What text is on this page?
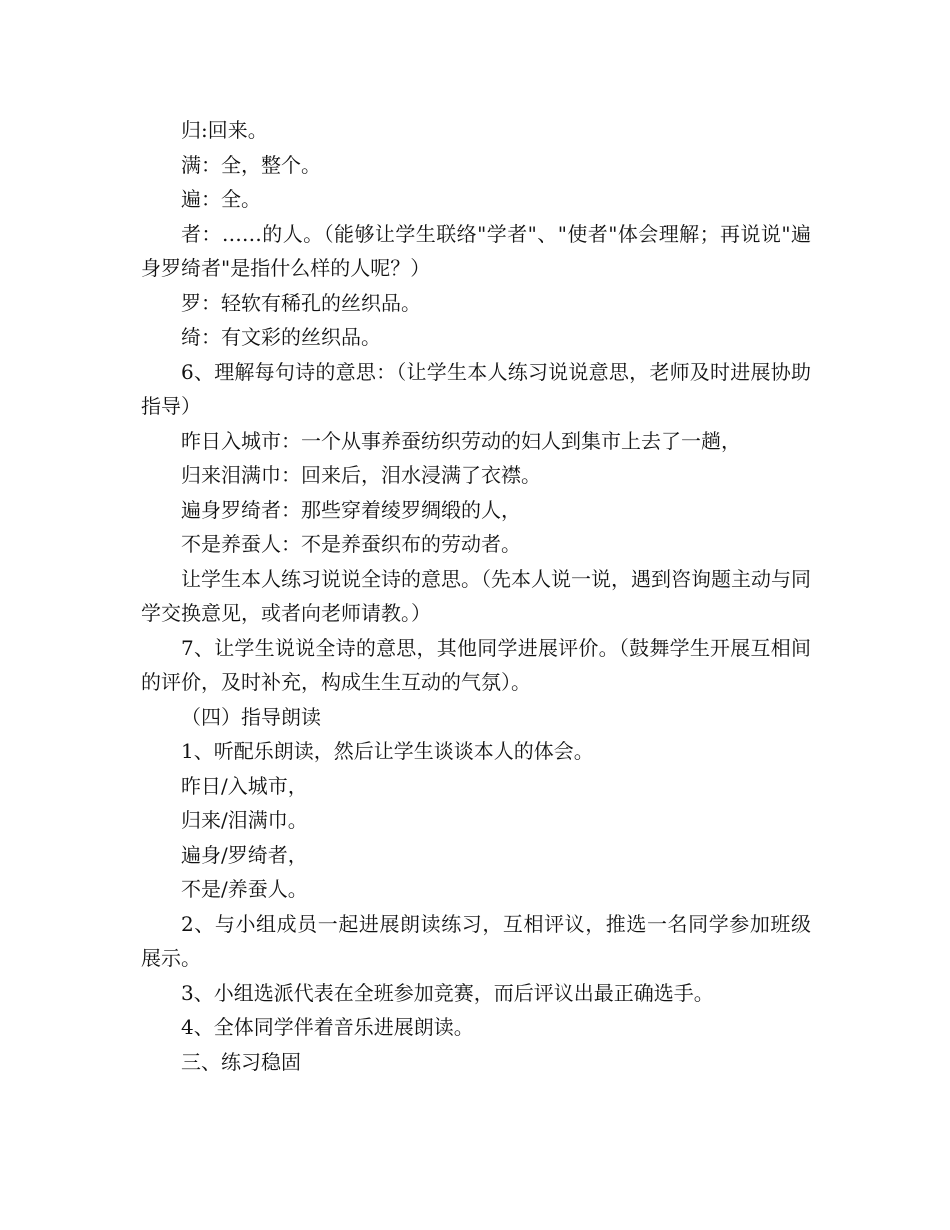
归:回来。

满：全，整个。

遍：全。

者：……的人。（能够让学生联络"学者"、"使者"体会理解；再说说"遍身罗绮者"是指什么样的人呢？）

罗：轻软有稀孔的丝织品。

绮：有文彩的丝织品。

6、理解每句诗的意思：（让学生本人练习说说意思，老师及时进展协助指导）

昨日入城市：一个从事养蚕纺织劳动的妇人到集市上去了一趟，

归来泪满巾：回来后，泪水浸满了衣襟。

遍身罗绮者：那些穿着绫罗绸缎的人，

不是养蚕人：不是养蚕织布的劳动者。

让学生本人练习说说全诗的意思。（先本人说一说，遇到咨询题主动与同学交换意见，或者向老师请教。）

7、让学生说说全诗的意思，其他同学进展评价。（鼓舞学生开展互相间的评价，及时补充，构成生生互动的气氛）。

（四）指导朗读

1、听配乐朗读，然后让学生谈谈本人的体会。

昨日/入城市，

归来/泪满巾。

遍身/罗绮者，

不是/养蚕人。

2、与小组成员一起进展朗读练习，互相评议，推选一名同学参加班级展示。

3、小组选派代表在全班参加竞赛，而后评议出最正确选手。

4、全体同学伴着音乐进展朗读。

三、练习稳固
